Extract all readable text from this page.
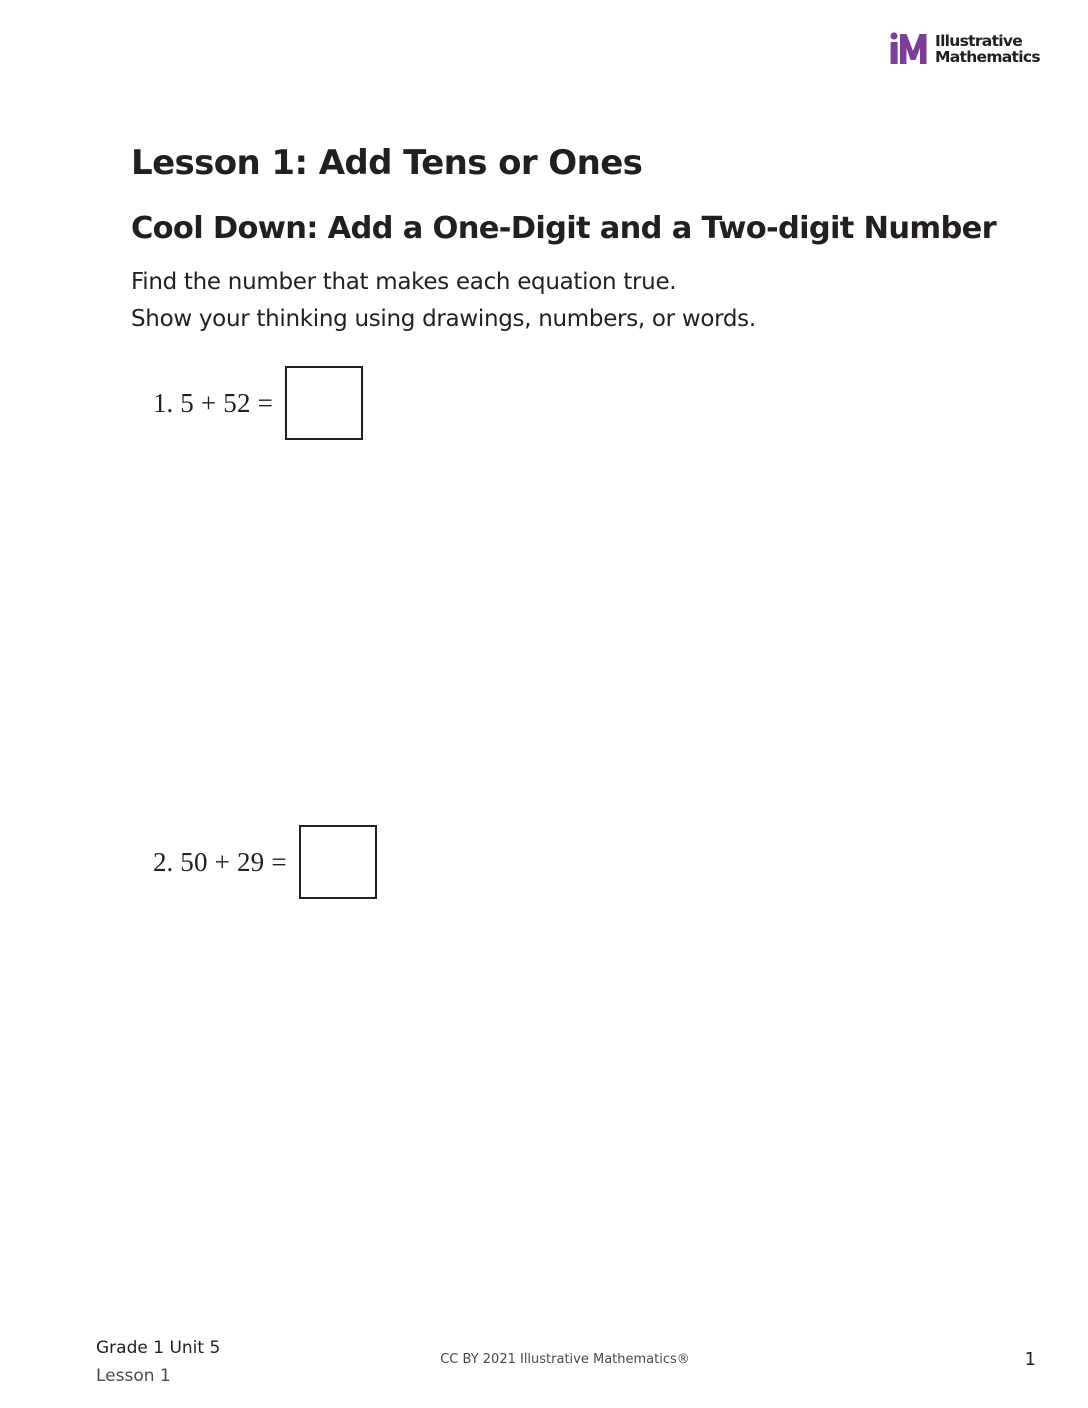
Illustrative
Mathematics
Lesson 1: Add Tens or Ones
Cool Down: Add a One-Digit and a Two-digit Number

Find the number that makes each equation true.

Show your thinking using drawings, numbers, or words.

1. 5 + 52 =
2. 50 + 29 =
Grade 1 Unit 5
Lesson 1
CC BY 2021 Illustrative Mathematics®	1
